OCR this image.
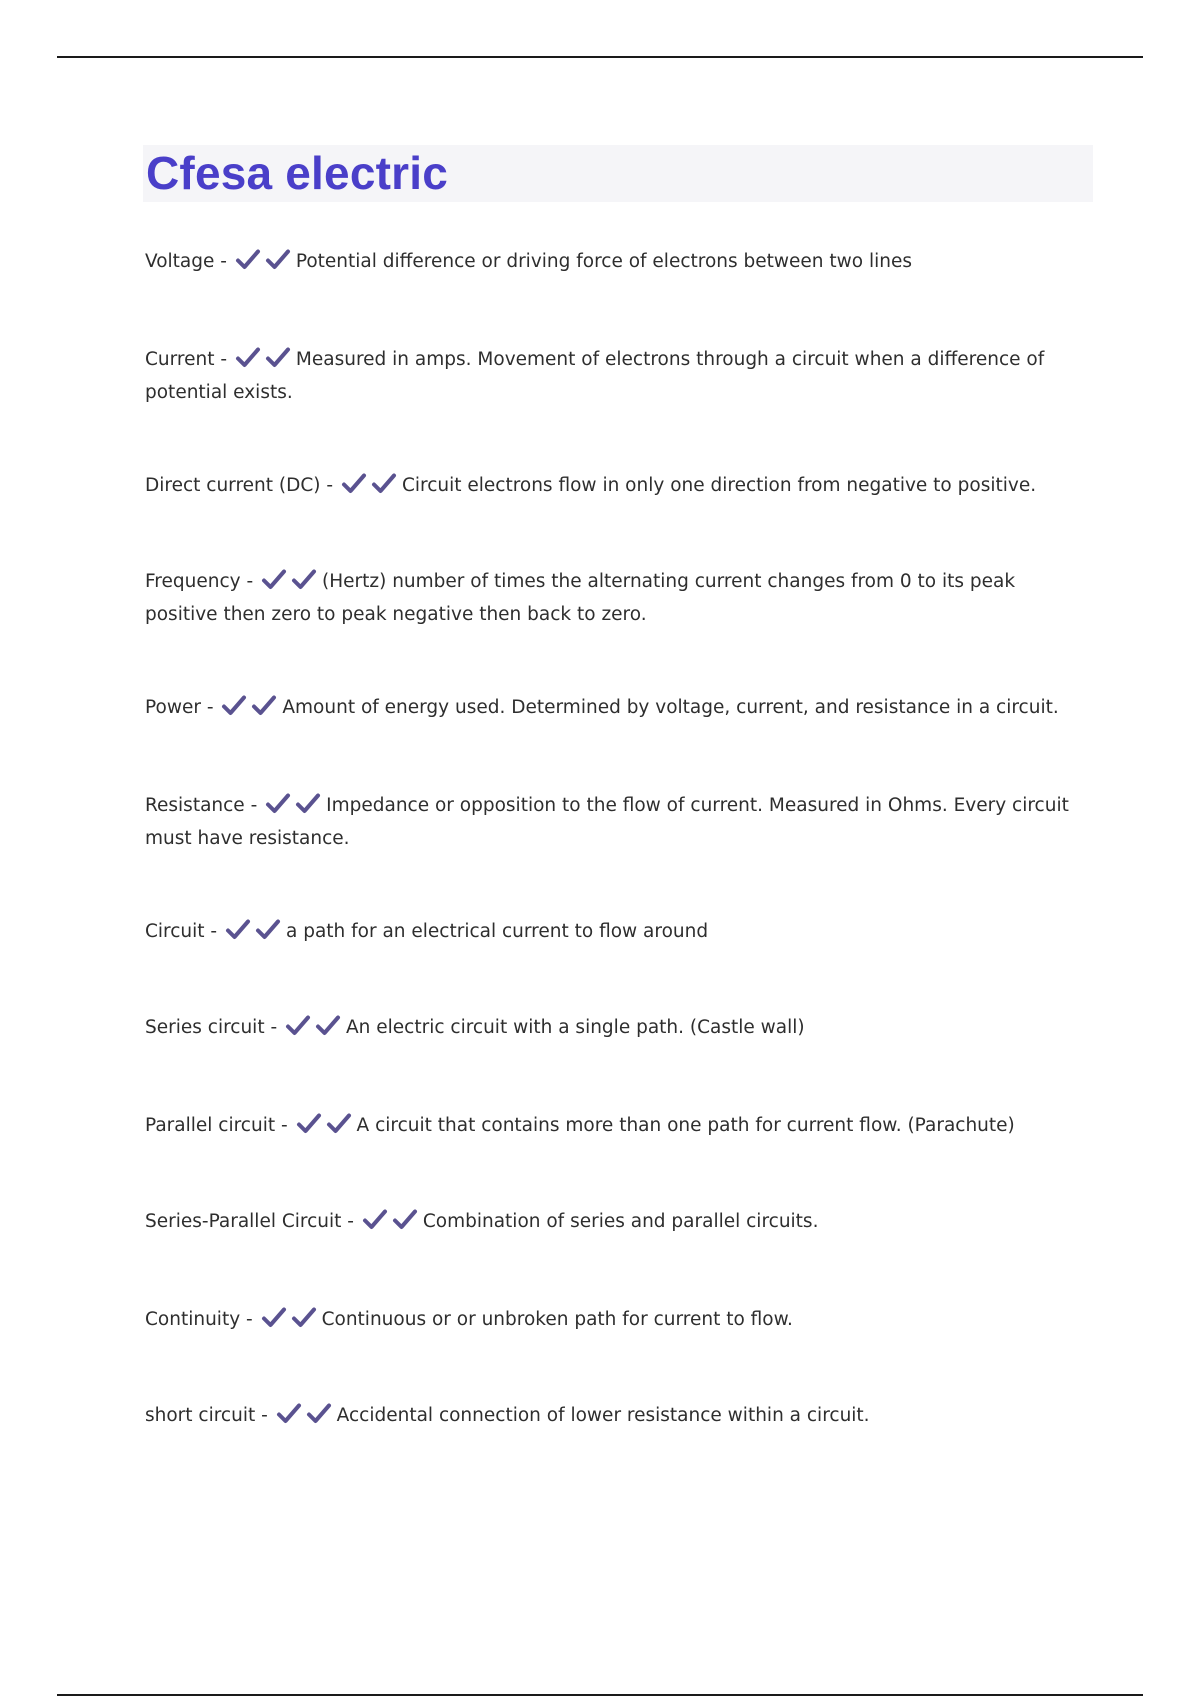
Cfesa electric

Voltage -	Potential difference or driving force of electrons between two lines

Current -	Measured in amps. Movement of electrons through a circuit when a difference of potential exists.

Direct current (DC) -	Circuit electrons flow in only one direction from negative to positive.

Frequency -	(Hertz) number of times the alternating current changes from 0 to its peak positive then zero to peak negative then back to zero.

Power -	Amount of energy used. Determined by voltage, current, and resistance in a circuit.

Resistance -	Impedance or opposition to the flow of current. Measured in Ohms. Every circuit must have resistance.

Circuit -	a path for an electrical current to flow around

Series circuit -	An electric circuit with a single path. (Castle wall)

Parallel circuit -	A circuit that contains more than one path for current flow. (Parachute)

Series-Parallel Circuit -	Combination of series and parallel circuits.

Continuity -	Continuous or or unbroken path for current to flow.

short circuit -	Accidental connection of lower resistance within a circuit.
